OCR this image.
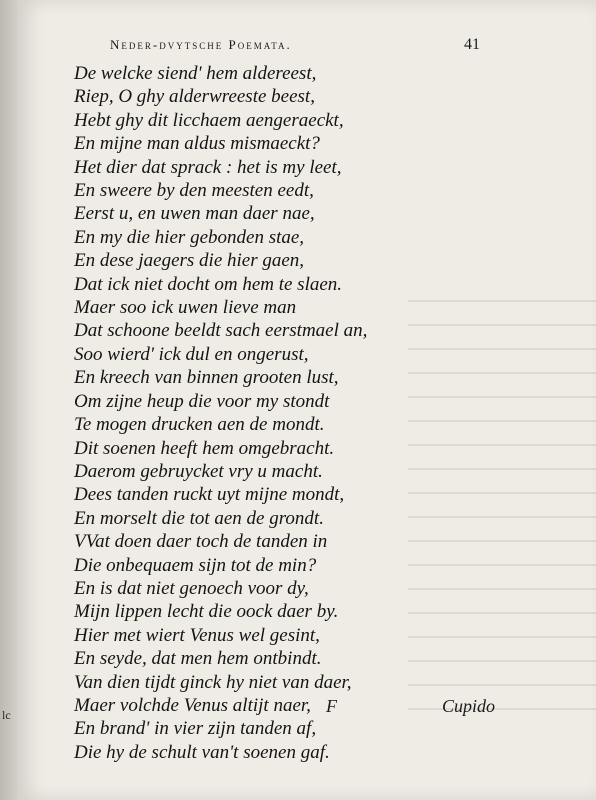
Neder-dvytsche Poemata.	41
De welcke siend' hem aldereest,
Riep, O ghy alderwreeste beest,
Hebt ghy dit licchaem aengeraeckt,
En mijne man aldus mismaeckt?
Het dier dat sprack : het is my leet,
En sweere by den meesten eedt,
Eerst u, en uwen man daer nae,
En my die hier gebonden stae,
En dese jaegers die hier gaen,
Dat ick niet docht om hem te slaen.
Maer soo ick uwen lieve man
Dat schoone beeldt sach eerstmael an,
Soo wierd' ick dul en ongerust,
En kreech van binnen grooten lust,
Om zijne heup die voor my stondt
Te mogen drucken aen de mondt.
Dit soenen heeft hem omgebracht.
Daerom gebruycket vry u macht.
Dees tanden ruckt uyt mijne mondt,
En morselt die tot aen de grondt.
VVat doen daer toch de tanden in
Die onbequaem sijn tot de min?
En is dat niet genoech voor dy,
Mijn lippen lecht die oock daer by.
Hier met wiert Venus wel gesint,
En seyde, dat men hem ontbindt.
Van dien tijdt ginck hy niet van daer,
Maer volchde Venus altijt naer,
En brand' in vier zijn tanden af,
Die hy de schult van't soenen gaf.
F	Cupido
lc
